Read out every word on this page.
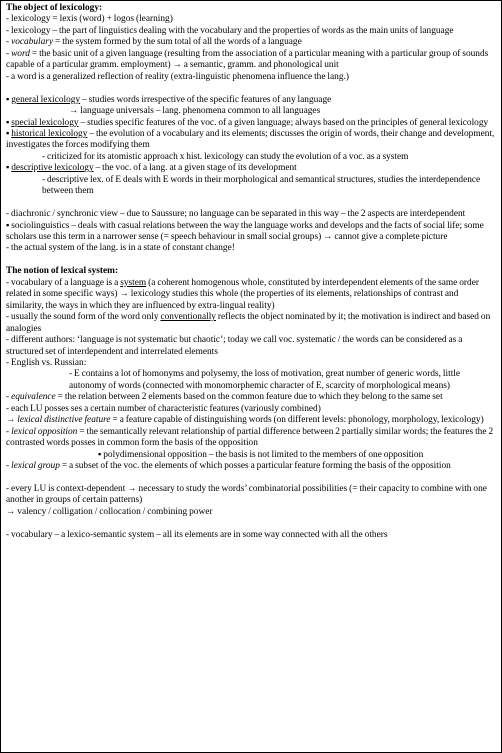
The object of lexicology:
- lexicology = lexis (word) + logos (learning)
- lexicology – the part of linguistics dealing with the vocabulary and the properties of words as the main units of language
- vocabulary = the system formed by the sum total of all the words of a language
- word = the basic unit of a given language (resulting from the association of a particular meaning with a particular group of sounds capable of a particular gramm. employment) → a semantic, gramm. and phonological unit
- a word is a generalized reflection of reality (extra-linguistic phenomena influence the lang.)
▪ general lexicology – studies words irrespective of the specific features of any language
→ language universals – lang. phenomena common to all languages
▪ special lexicology – studies specific features of the voc. of a given language; always based on the principles of general lexicology
▪ historical lexicology – the evolution of a vocabulary and its elements; discusses the origin of words, their change and development, investigates the forces modifying them
- criticized for its atomistic approach x hist. lexicology can study the evolution of a voc. as a system
▪ descriptive lexicology – the voc. of a lang. at a given stage of its development
- descriptive lex. of E deals with E words in their morphological and semantical structures, studies the interdependence between them
- diachronic / synchronic view – due to Saussure; no language can be separated in this way – the 2 aspects are interdependent
▪ sociolinguistics – deals with casual relations between the way the language works and develops and the facts of social life; some scholars use this term in a narrower sense (= speech behaviour in small social groups) → cannot give a complete picture
- the actual system of the lang. is in a state of constant change!
The notion of lexical system:
- vocabulary of a language is a system (a coherent homogenous whole, constituted by interdependent elements of the same order related in some specific ways) → lexicology studies this whole (the properties of its elements, relationships of contrast and similarity, the ways in which they are influenced by extra-lingual reality)
- usually the sound form of the word only conventionally reflects the object nominated by it; the motivation is indirect and based on analogies
- different authors: ‘language is not systematic but chaotic’; today we call voc. systematic / the words can be considered as a structured set of interdependent and interrelated elements
- English vs. Russian:
- E contains a lot of homonyms and polysemy, the loss of motivation, great number of generic words, little autonomy of words (connected with monomorphemic character of E, scarcity of morphological means)
- equivalence = the relation between 2 elements based on the common feature due to which they belong to the same set
- each LU posses ses a certain number of characteristic features (variously combined)
→ lexical distinctive feature = a feature capable of distinguishing words (on different levels: phonology, morphology, lexicology)
- lexical opposition = the semantically relevant relationship of partial difference between 2 partially similar words; the features the 2 contrasted words posses in common form the basis of the opposition
▪ polydimensional opposition – the basis is not limited to the members of one opposition
- lexical group = a subset of the voc. the elements of which posses a particular feature forming the basis of the opposition
- every LU is context-dependent → necessary to study the words’ combinatorial possibilities (= their capacity to combine with one another in groups of certain patterns)
→ valency / colligation / collocation / combining power
- vocabulary – a lexico-semantic system – all its elements are in some way connected with all the others
